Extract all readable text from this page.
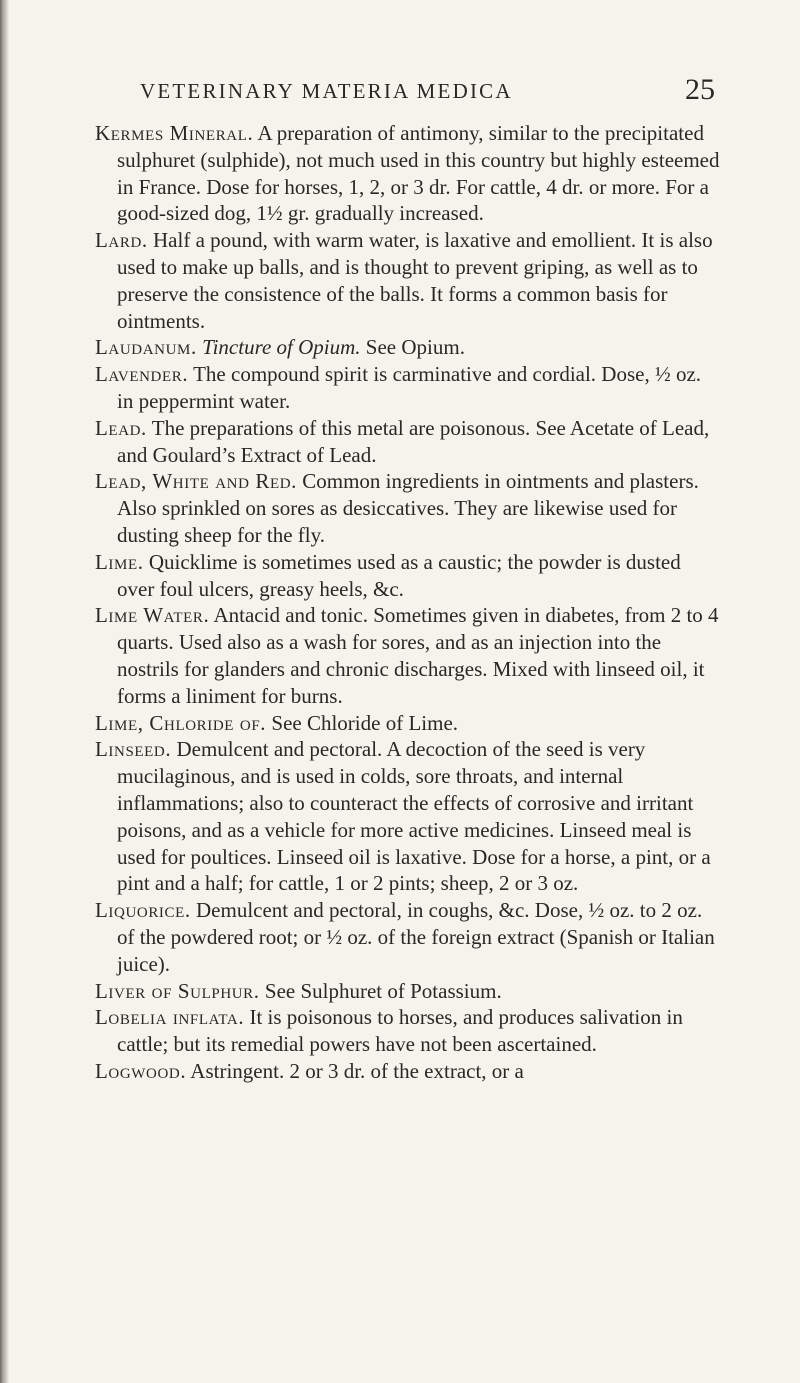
VETERINARY MATERIA MEDICA	25

Kermes Mineral. A preparation of antimony, similar to the precipitated sulphuret (sulphide), not much used in this country but highly esteemed in France. Dose for horses, 1, 2, or 3 dr. For cattle, 4 dr. or more. For a good-sized dog, 1½ gr. gradually increased.

Lard. Half a pound, with warm water, is laxative and emollient. It is also used to make up balls, and is thought to prevent griping, as well as to preserve the consistence of the balls. It forms a common basis for ointments.

Laudanum. Tincture of Opium. See Opium.

Lavender. The compound spirit is carminative and cordial. Dose, ½ oz. in peppermint water.

Lead. The preparations of this metal are poisonous. See Acetate of Lead, and Goulard’s Extract of Lead.

Lead, White and Red. Common ingredients in ointments and plasters. Also sprinkled on sores as desiccatives. They are likewise used for dusting sheep for the fly.

Lime. Quicklime is sometimes used as a caustic; the powder is dusted over foul ulcers, greasy heels, &c.

Lime Water. Antacid and tonic. Sometimes given in diabetes, from 2 to 4 quarts. Used also as a wash for sores, and as an injection into the nostrils for glanders and chronic discharges. Mixed with linseed oil, it forms a liniment for burns.

Lime, Chloride of. See Chloride of Lime.

Linseed. Demulcent and pectoral. A decoction of the seed is very mucilaginous, and is used in colds, sore throats, and internal inflammations; also to counteract the effects of corrosive and irritant poisons, and as a vehicle for more active medicines. Linseed meal is used for poultices. Linseed oil is laxative. Dose for a horse, a pint, or a pint and a half; for cattle, 1 or 2 pints; sheep, 2 or 3 oz.

Liquorice. Demulcent and pectoral, in coughs, &c. Dose, ½ oz. to 2 oz. of the powdered root; or ½ oz. of the foreign extract (Spanish or Italian juice).

Liver of Sulphur. See Sulphuret of Potassium.

Lobelia inflata. It is poisonous to horses, and produces salivation in cattle; but its remedial powers have not been ascertained.

Logwood. Astringent. 2 or 3 dr. of the extract, or a
